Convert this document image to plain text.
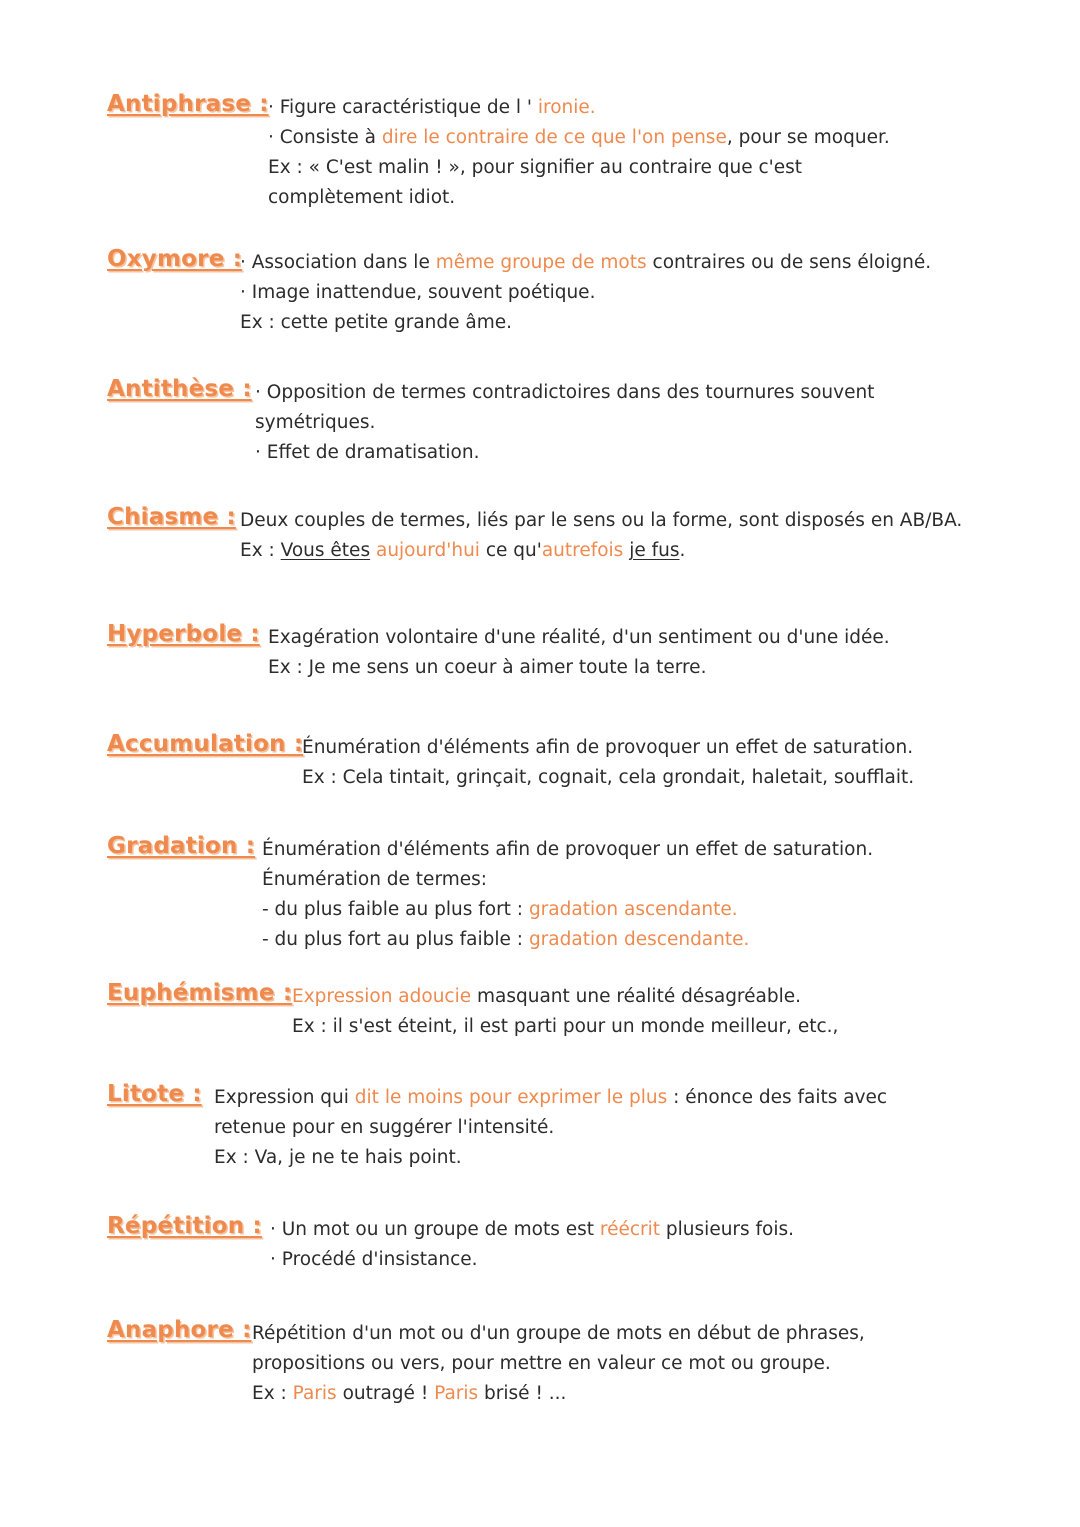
Antiphrase : · Figure caractéristique de l ' ironie.
· Consiste à dire le contraire de ce que l'on pense, pour se moquer.
Ex : « C'est malin ! », pour signifier au contraire que c'est
complètement idiot.
Oxymore :
· Association dans le même groupe de mots contraires ou de sens éloigné.
· Image inattendue, souvent poétique.
Ex : cette petite grande âme.
Antithèse : · Opposition de termes contradictoires dans des tournures souvent
symétriques.
· Effet de dramatisation.
Chiasme : Deux couples de termes, liés par le sens ou la forme, sont disposés en AB/BA.
Ex : Vous êtes aujourd'hui ce qu'autrefois je fus.
Hyperbole : Exagération volontaire d'une réalité, d'un sentiment ou d'une idée.
Ex : Je me sens un coeur à aimer toute la terre.
Accumulation :
Énumération d'éléments afin de provoquer un effet de saturation.
Ex : Cela tintait, grinçait, cognait, cela grondait, haletait, soufflait.
Gradation : Énumération d'éléments afin de provoquer un effet de saturation.
Énumération de termes:
- du plus faible au plus fort : gradation ascendante.
- du plus fort au plus faible : gradation descendante.
Euphémisme : Expression adoucie masquant une réalité désagréable.
Ex : il s'est éteint, il est parti pour un monde meilleur, etc.,
Litote : Expression qui dit le moins pour exprimer le plus : énonce des faits avec
retenue pour en suggérer l'intensité.
Ex : Va, je ne te hais point.
Répétition : · Un mot ou un groupe de mots est réécrit plusieurs fois.
· Procédé d'insistance.
Anaphore : Répétition d'un mot ou d'un groupe de mots en début de phrases,
propositions ou vers, pour mettre en valeur ce mot ou groupe.
Ex : Paris outragé ! Paris brisé ! ...
